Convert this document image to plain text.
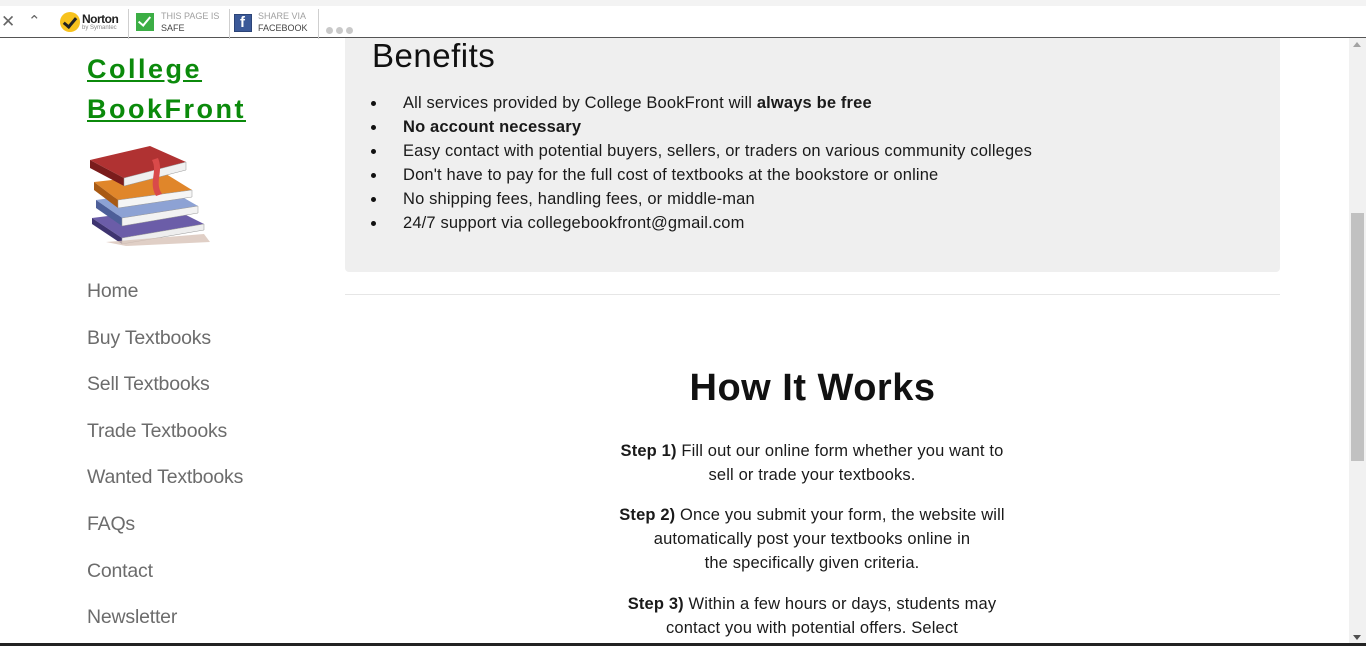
✕ ⌃	Norton
by Symantec
THIS PAGE IS
SAFE
f
SHARE VIA
FACEBOOK
College
BookFront
Home
Buy Textbooks
Sell Textbooks
Trade Textbooks
Wanted Textbooks
FAQs
Contact
Newsletter
Benefits
All services provided by College BookFront will always be free
No account necessary
Easy contact with potential buyers, sellers, or traders on various community colleges
Don't have to pay for the full cost of textbooks at the bookstore or online
No shipping fees, handling fees, or middle-man
24/7 support via collegebookfront@gmail.com
How It Works
Step 1) Fill out our online form whether you want to
sell or trade your textbooks.
Step 2) Once you submit your form, the website will
automatically post your textbooks online in
the specifically given criteria.
Step 3) Within a few hours or days, students may
contact you with potential offers. Select
